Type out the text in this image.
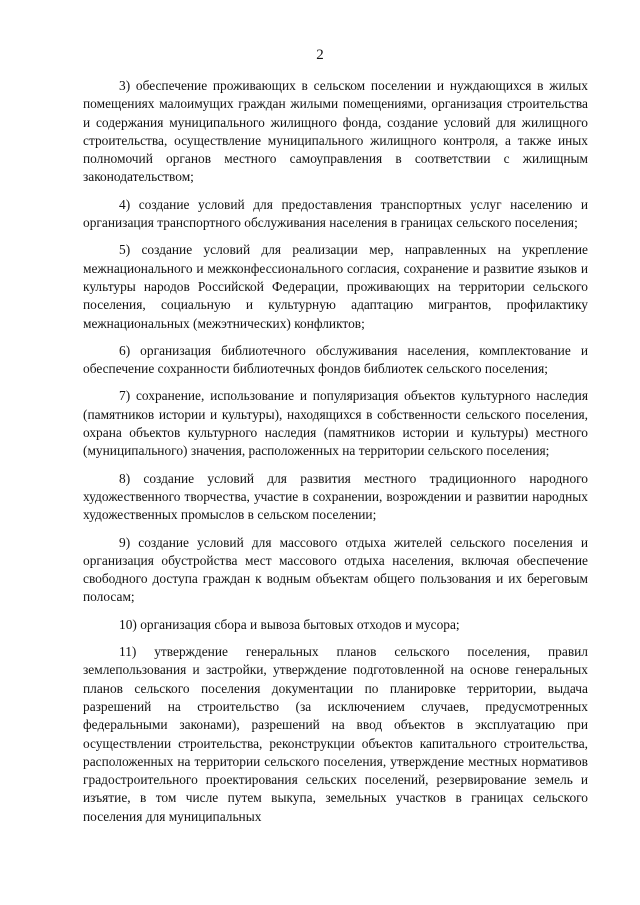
2

3) обеспечение проживающих в сельском поселении и нуждающихся в жилых помещениях малоимущих граждан жилыми помещениями, организация строительства и содержания муниципального жилищного фонда, создание условий для жилищного строительства, осуществление муниципального жилищного контроля, а также иных полномочий органов местного самоуправления в соответствии с жилищным законодательством;

4) создание условий для предоставления транспортных услуг населению и организация транспортного обслуживания населения в границах сельского поселения;

5) создание условий для реализации мер, направленных на укрепление межнационального и межконфессионального согласия, сохранение и развитие языков и культуры народов Российской Федерации, проживающих на территории сельского поселения, социальную и культурную адаптацию мигрантов, профилактику межнациональных (межэтнических) конфликтов;

6) организация библиотечного обслуживания населения, комплектование и обеспечение сохранности библиотечных фондов библиотек сельского поселения;

7) сохранение, использование и популяризация объектов культурного наследия (памятников истории и культуры), находящихся в собственности сельского поселения, охрана объектов культурного наследия (памятников истории и культуры) местного (муниципального) значения, расположенных на территории сельского поселения;

8) создание условий для развития местного традиционного народного художественного творчества, участие в сохранении, возрождении и развитии народных художественных промыслов в сельском поселении;

9) создание условий для массового отдыха жителей сельского поселения и организация обустройства мест массового отдыха населения, включая обеспечение свободного доступа граждан к водным объектам общего пользования и их береговым полосам;

10) организация сбора и вывоза бытовых отходов и мусора;

11) утверждение генеральных планов сельского поселения, правил землепользования и застройки, утверждение подготовленной на основе генеральных планов сельского поселения документации по планировке территории, выдача разрешений на строительство (за исключением случаев, предусмотренных федеральными законами), разрешений на ввод объектов в эксплуатацию при осуществлении строительства, реконструкции объектов капитального строительства, расположенных на территории сельского поселения, утверждение местных нормативов градостроительного проектирования сельских поселений, резервирование земель и изъятие, в том числе путем выкупа, земельных участков в границах сельского поселения для муниципальных
